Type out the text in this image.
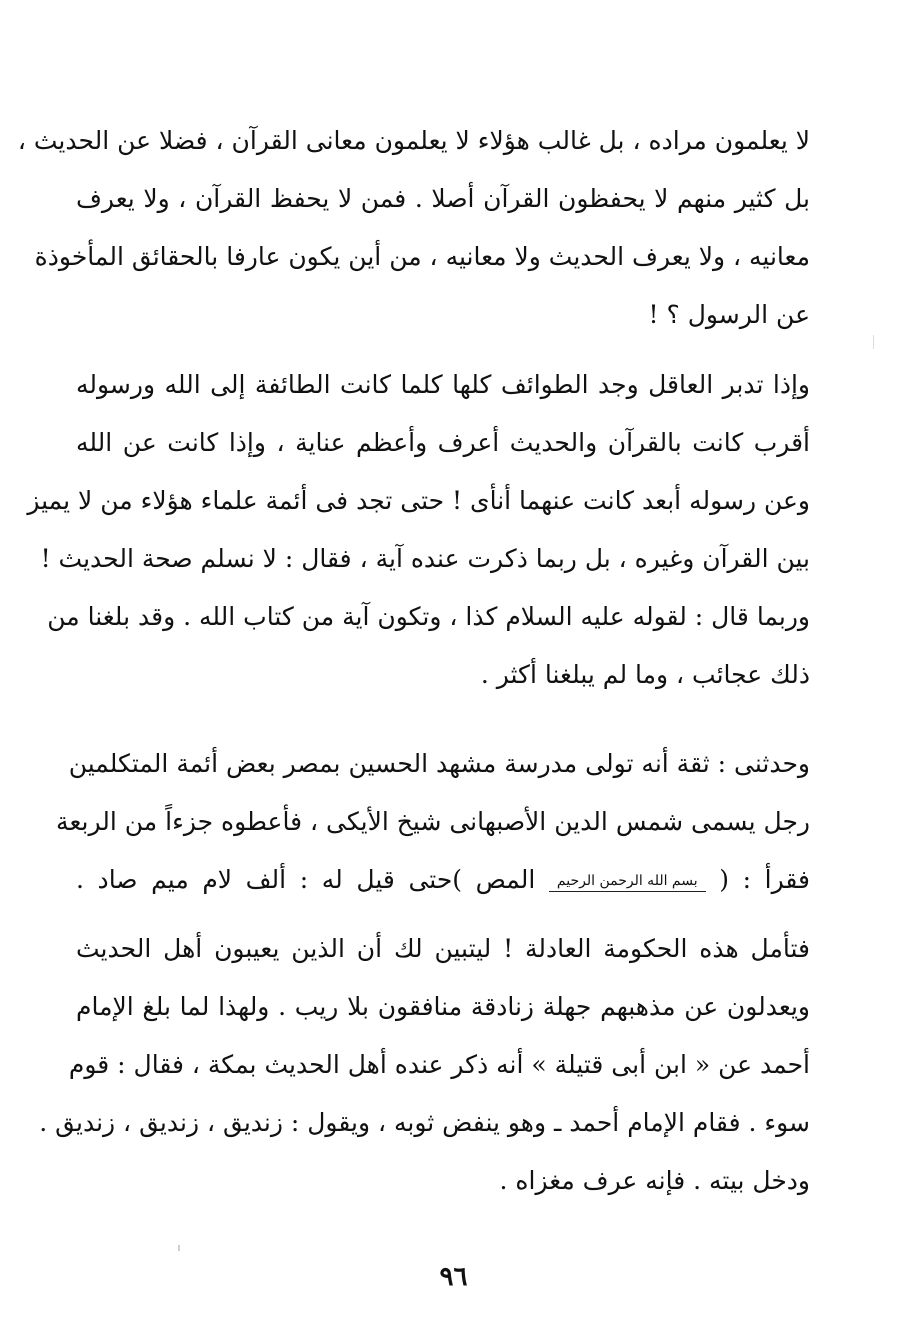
لا يعلمون مراده ، بل غالب هؤلاء لا يعلمون معانى القرآن ، فضلا عن الحديث ،
بل كثير منهم لا يحفظون القرآن أصلا . فمن لا يحفظ القرآن ، ولا يعرف
معانيه ، ولا يعرف الحديث ولا معانيه ، من أين يكون عارفا بالحقائق المأخوذة
عن الرسول ؟ !
وإذا تدبر العاقل وجد الطوائف كلها كلما كانت الطائفة إلى الله ورسوله
أقرب كانت بالقرآن والحديث أعرف وأعظم عناية ، وإذا كانت عن الله
وعن رسوله أبعد كانت عنهما أنأى ! حتى تجد فى أئمة علماء هؤلاء من لا يميز
بين القرآن وغيره ، بل ربما ذكرت عنده آية ، فقال : لا نسلم صحة الحديث !
وربما قال : لقوله عليه السلام كذا ، وتكون آية من كتاب الله . وقد بلغنا من
ذلك عجائب ، وما لم يبلغنا أكثر .
وحدثنى : ثقة أنه تولى مدرسة مشهد الحسين بمصر بعض أئمة المتكلمين
رجل يسمى شمس الدين الأصبهانى شيخ الأيكى ، فأعطوه جزءاً من الربعة
فقرأ : ( بسم الله الرحمن الرحيم المص )حتى قيل له : ألف لام ميم صاد .
فتأمل هذه الحكومة العادلة ! ليتبين لك أن الذين يعيبون أهل الحديث
ويعدلون عن مذهبهم جهلة زنادقة منافقون بلا ريب . ولهذا لما بلغ الإمام
أحمد عن « ابن أبى قتيلة » أنه ذكر عنده أهل الحديث بمكة ، فقال : قوم
سوء . فقام الإمام أحمد ـ وهو ينفض ثوبه ، ويقول : زنديق ، زنديق ، زنديق .
ودخل بيته . فإنه عرف مغزاه .
٩٦
